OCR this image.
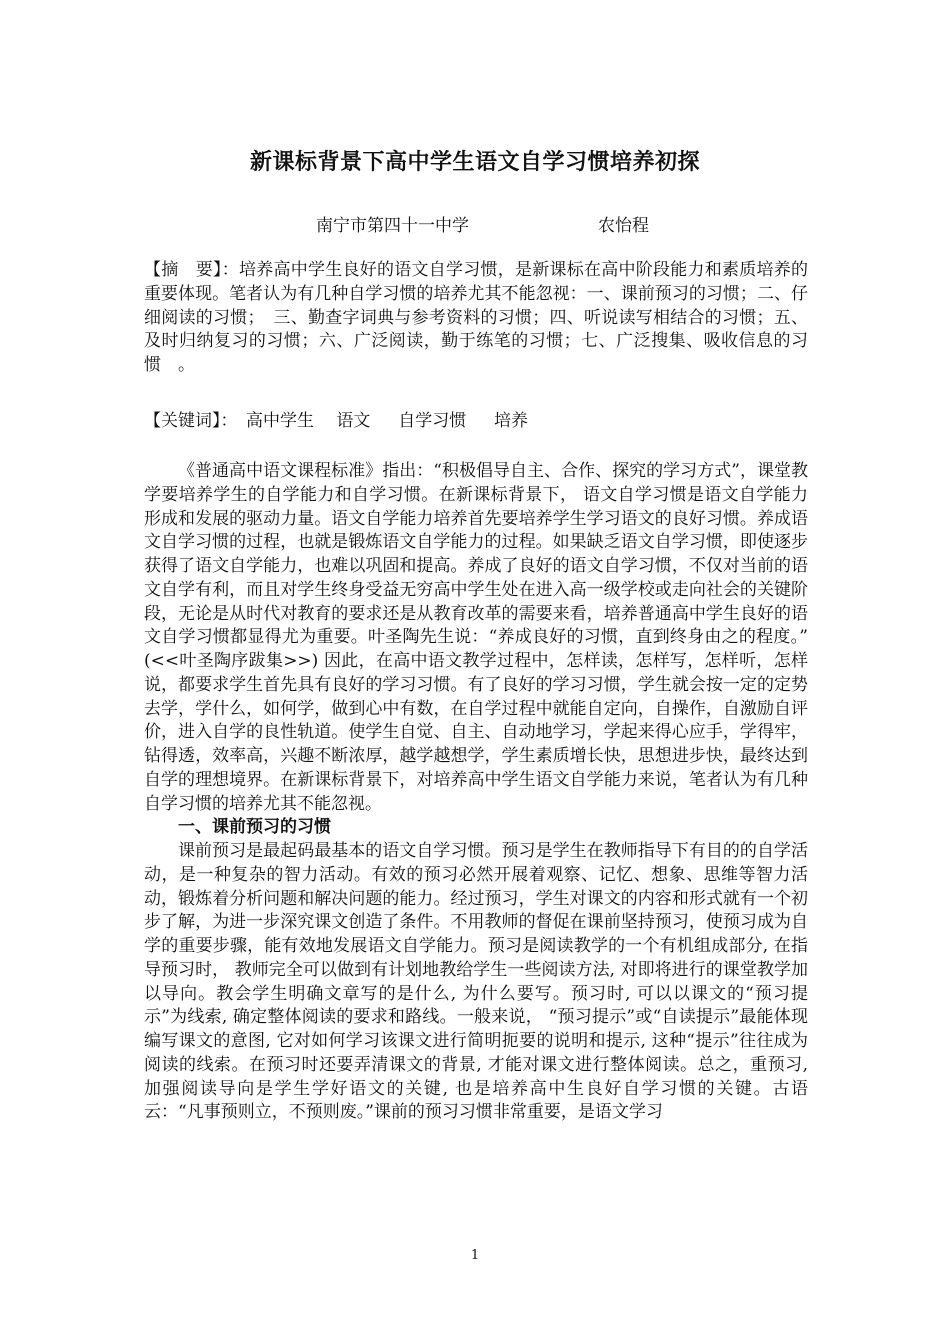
新课标背景下高中学生语文自学习惯培养初探
南宁市第四十一中学	农怡程
【摘　要】：培养高中学生良好的语文自学习惯，是新课标在高中阶段能力和素质培养的重要体现。笔者认为有几种自学习惯的培养尤其不能忽视：一、课前预习的习惯；二、仔细阅读的习惯；　三、勤查字词典与参考资料的习惯；四、听说读写相结合的习惯；五、及时归纳复习的习惯；六、广泛阅读，勤于练笔的习惯；七、广泛搜集、吸收信息的习惯　。
【关键词】：　高中学生　 语文　  自学习惯　  培养

《普通高中语文课程标准》指出：“积极倡导自主、合作、探究的学习方式”，课堂教学要培养学生的自学能力和自学习惯。在新课标背景下， 语文自学习惯是语文自学能力形成和发展的驱动力量。语文自学能力培养首先要培养学生学习语文的良好习惯。养成语文自学习惯的过程，也就是锻炼语文自学能力的过程。如果缺乏语文自学习惯，即使逐步获得了语文自学能力，也难以巩固和提高。养成了良好的语文自学习惯，不仅对当前的语文自学有利，而且对学生终身受益无穷高中学生处在进入高一级学校或走向社会的关键阶段，无论是从时代对教育的要求还是从教育改革的需要来看，培养普通高中学生良好的语文自学习惯都显得尤为重要。叶圣陶先生说：“养成良好的习惯，直到终身由之的程度。” (<<叶圣陶序跋集>>) 因此，在高中语文教学过程中，怎样读，怎样写，怎样听，怎样说，都要求学生首先具有良好的学习习惯。有了良好的学习习惯，学生就会按一定的定势去学，学什么，如何学，做到心中有数，在自学过程中就能自定向，自操作，自激励自评价，进入自学的良性轨道。使学生自觉、自主、自动地学习，学起来得心应手，学得牢，钻得透，效率高，兴趣不断浓厚，越学越想学，学生素质增长快，思想进步快，最终达到自学的理想境界。在新课标背景下，对培养高中学生语文自学能力来说，笔者认为有几种自学习惯的培养尤其不能忽视。

一、课前预习的习惯

课前预习是最起码最基本的语文自学习惯。预习是学生在教师指导下有目的的自学活动，是一种复杂的智力活动。有效的预习必然开展着观察、记忆、想象、思维等智力活动，锻炼着分析问题和解决问题的能力。经过预习，学生对课文的内容和形式就有一个初步了解，为进一步深究课文创造了条件。不用教师的督促在课前坚持预习，使预习成为自学的重要步骤，能有效地发展语文自学能力。预习是阅读教学的一个有机组成部分, 在指导预习时， 教师完全可以做到有计划地教给学生一些阅读方法, 对即将进行的课堂教学加以导向。教会学生明确文章写的是什么, 为什么要写。预习时, 可以以课文的“预习提示”为线索, 确定整体阅读的要求和路线。一般来说， “预习提示”或“自读提示”最能体现编写课文的意图, 它对如何学习该课文进行简明扼要的说明和提示, 这种“提示”往往成为阅读的线索。在预习时还要弄清课文的背景, 才能对课文进行整体阅读。总之，重预习, 加强阅读导向是学生学好语文的关键, 也是培养高中生良好自学习惯的关键。古语云：“凡事预则立，不预则废。”课前的预习习惯非常重要，是语文学习

1
